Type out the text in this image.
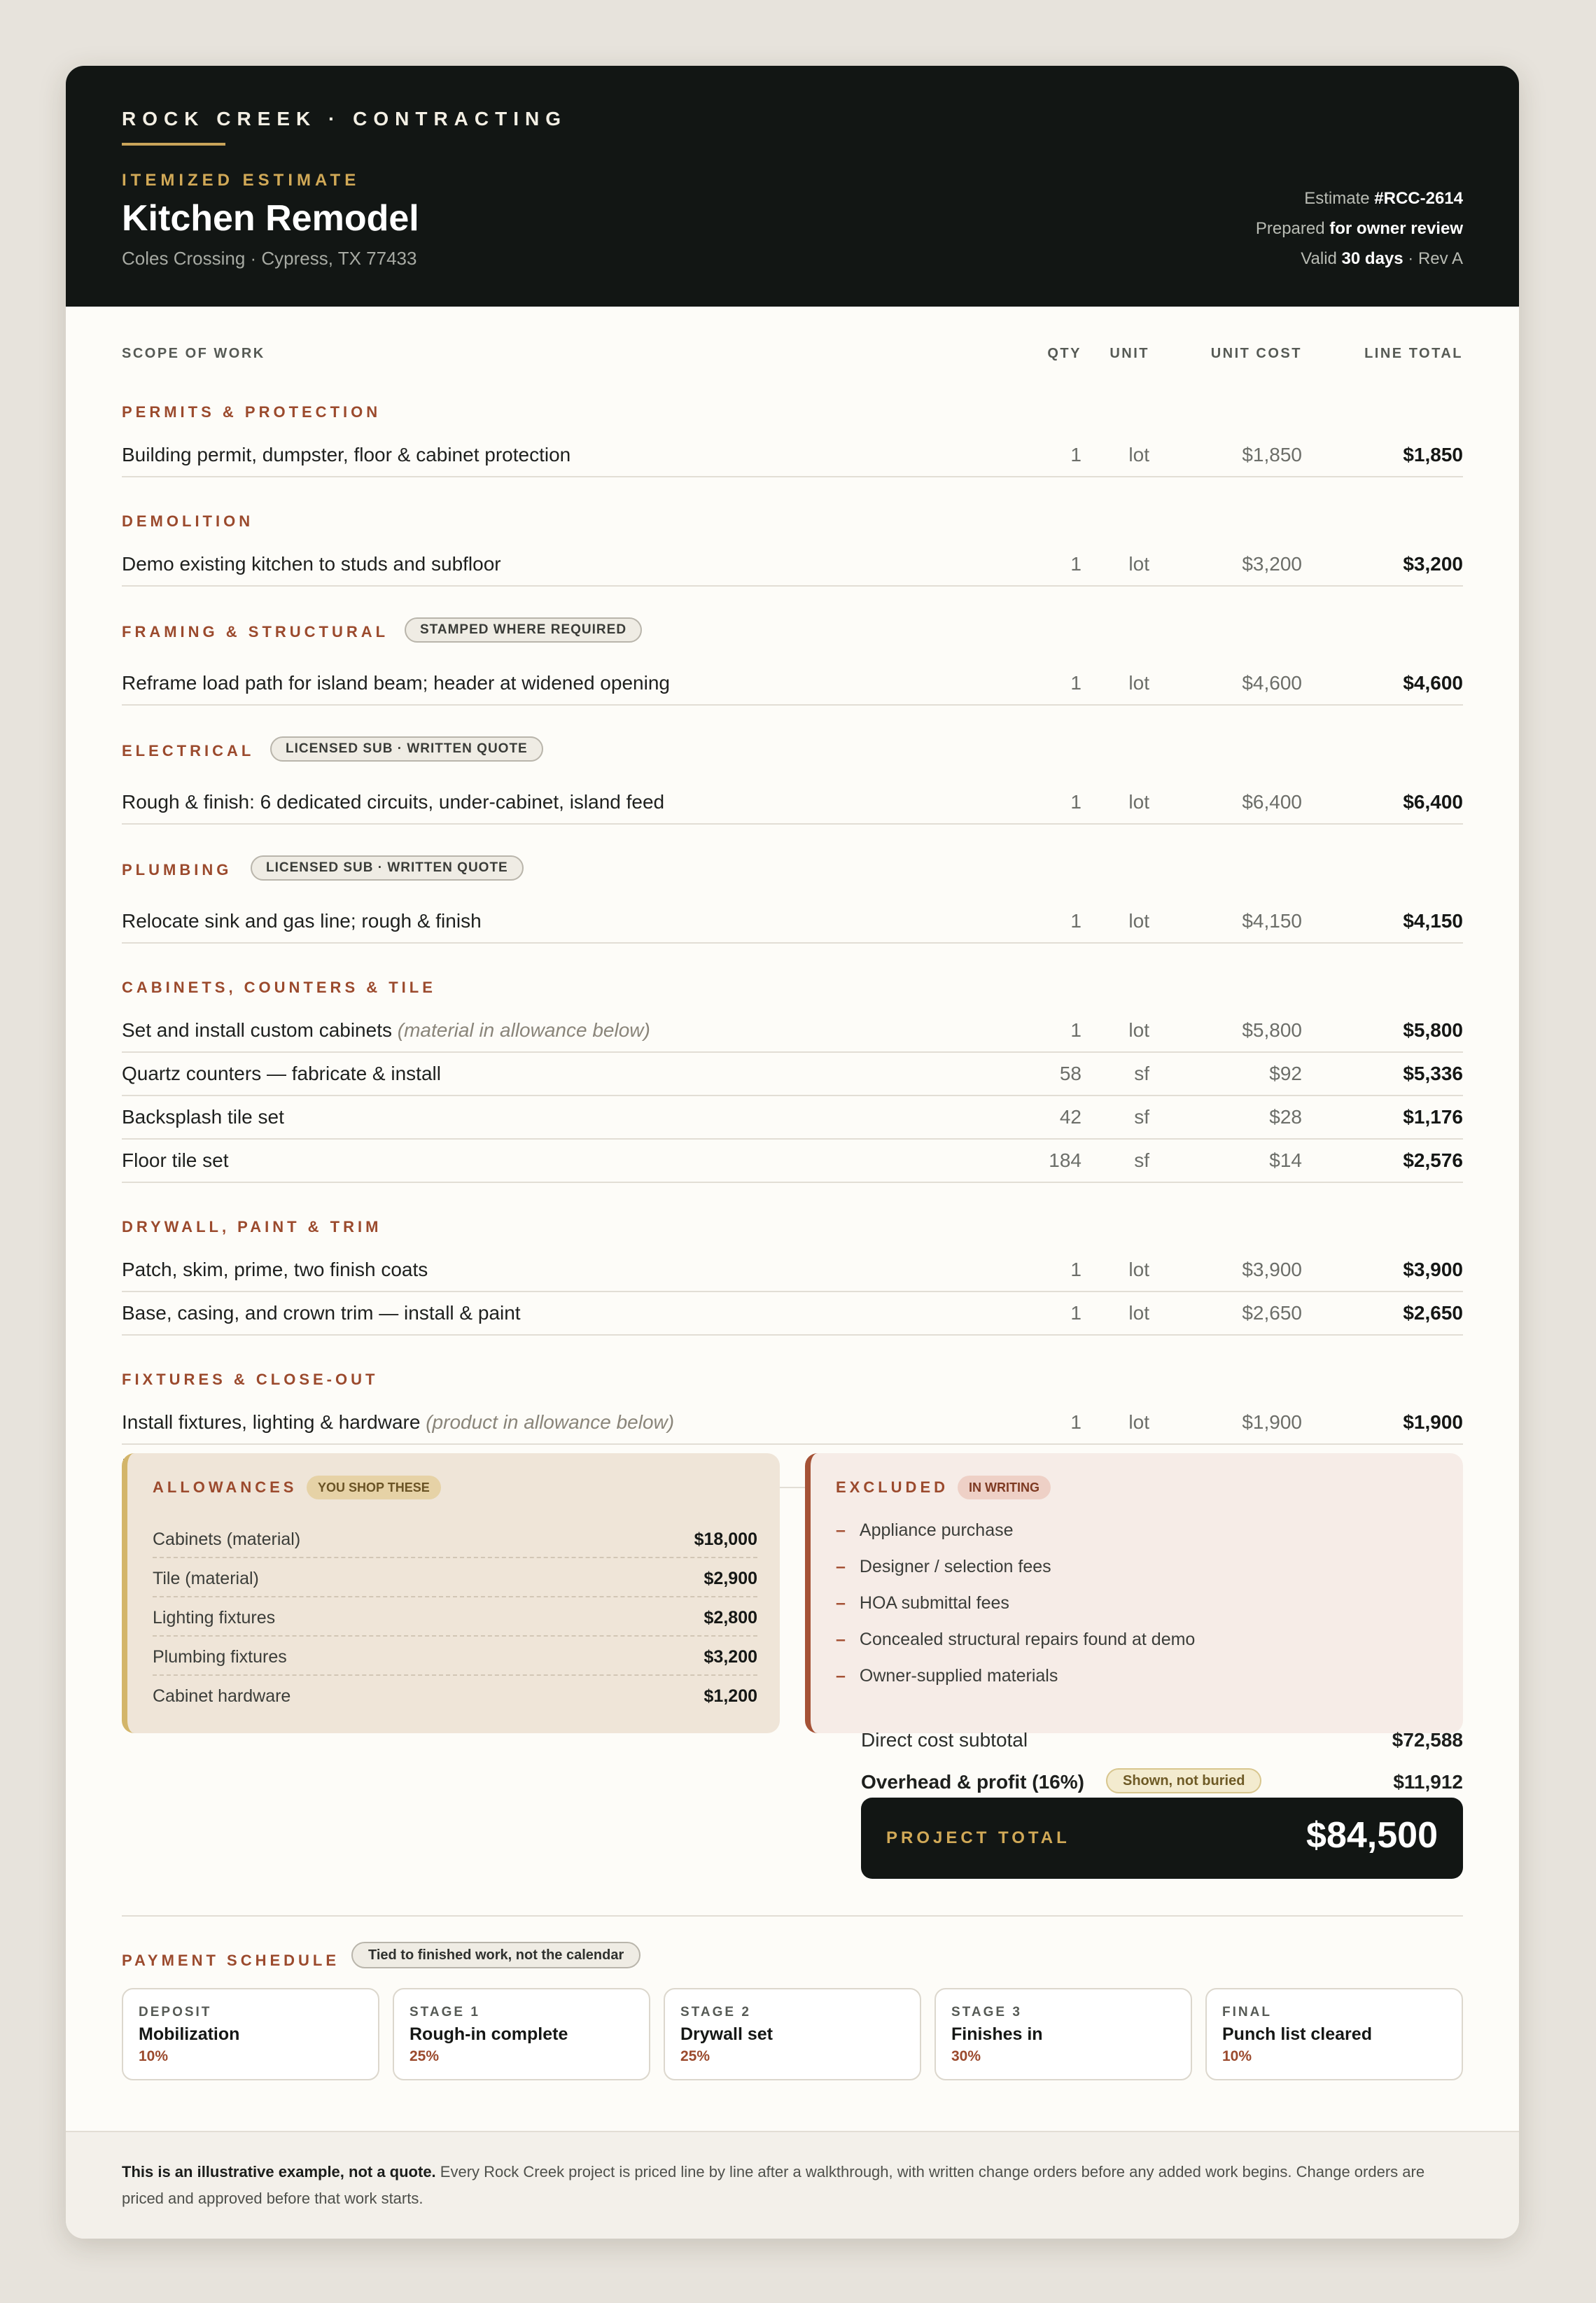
ROCK CREEK · CONTRACTING
ITEMIZED ESTIMATE
Kitchen Remodel
Coles Crossing · Cypress, TX 77433
Estimate #RCC-2614
Prepared for owner review
Valid 30 days · Rev A
SCOPE OF WORK	QTY UNIT	UNIT COST	LINE TOTAL
PERMITS & PROTECTION
Building permit, dumpster, floor & cabinet protection	1 lot	$1,850	$1,850
DEMOLITION
Demo existing kitchen to studs and subfloor	1 lot	$3,200	$3,200
FRAMING & STRUCTURAL	STAMPED WHERE REQUIRED
Reframe load path for island beam; header at widened opening	1 lot	$4,600	$4,600
ELECTRICAL	LICENSED SUB · WRITTEN QUOTE
Rough & finish: 6 dedicated circuits, under-cabinet, island feed	1 lot	$6,400	$6,400
PLUMBING	LICENSED SUB · WRITTEN QUOTE
Relocate sink and gas line; rough & finish	1 lot	$4,150	$4,150
CABINETS, COUNTERS & TILE
Set and install custom cabinets (material in allowance below)	1 lot	$5,800	$5,800
Quartz counters — fabricate & install	58	sf	$92	$5,336
Backsplash tile set	42	sf	$28	$1,176
Floor tile set	184	sf	$14	$2,576
DRYWALL, PAINT & TRIM
Patch, skim, prime, two finish coats	1 lot	$3,900	$3,900
Base, casing, and crown trim — install & paint	1 lot	$2,650	$2,650
FIXTURES & CLOSE-OUT
Install fixtures, lighting & hardware (product in allowance below)	1 lot	$1,900	$1,900
ALLOWANCES	YOU SHOP THESE
Cabinets (material)	$18,000
Tile (material)	$2,900
Lighting fixtures	$2,800
Plumbing fixtures	$3,200
Cabinet hardware	$1,200
EXCLUDED	IN WRITING
– Appliance purchase
– Designer / selection fees
– HOA submittal fees
– Concealed structural repairs found at demo
– Owner-supplied materials
Direct cost subtotal	$72,588
Overhead & profit (16%)	Shown, not buried	$11,912
PROJECT TOTAL	$84,500
PAYMENT SCHEDULE	Tied to finished work, not the calendar
DEPOSIT
Mobilization
10%
STAGE 1
Rough-in complete
25%
STAGE 2
Drywall set
25%
STAGE 3
Finishes in
30%
FINAL
Punch list cleared
10%
This is an illustrative example, not a quote. Every Rock Creek project is priced line by line after a walkthrough, with written change orders before any added work begins. Change orders are priced and approved before that work starts.
